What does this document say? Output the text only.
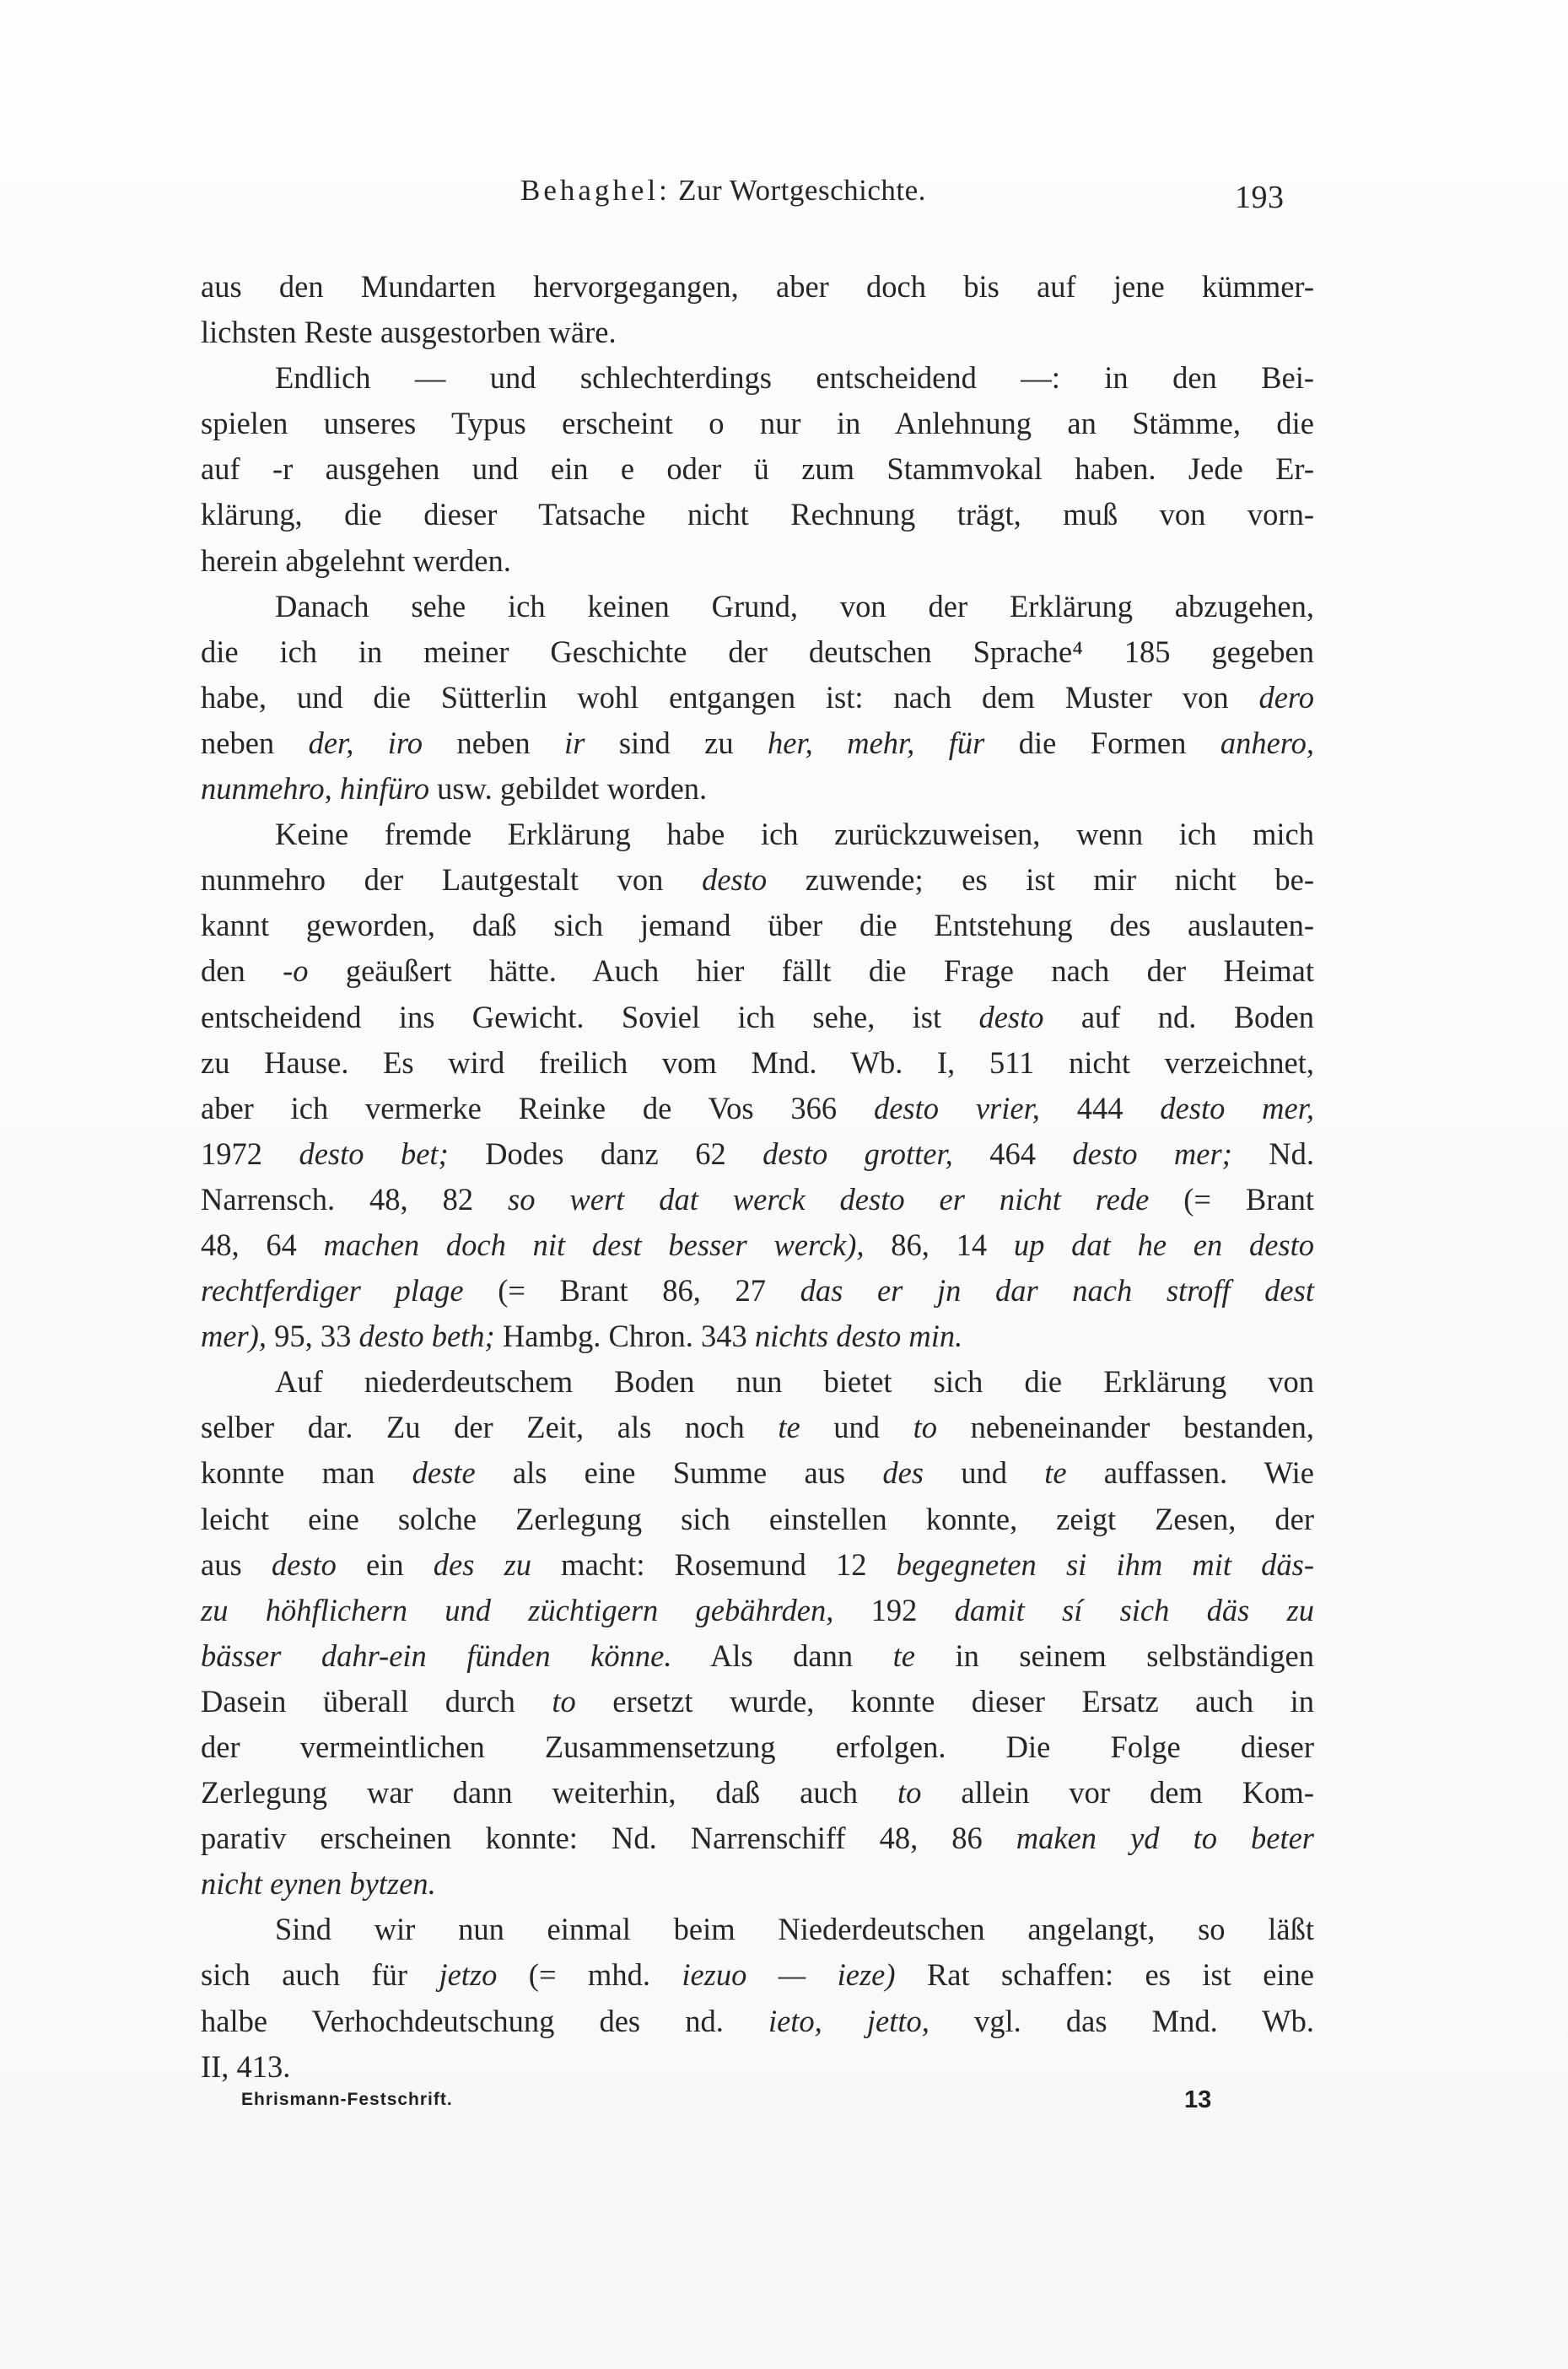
Behaghel: Zur Wortgeschichte.	193
aus den Mundarten hervorgegangen, aber doch bis auf jene kümmer-
lichsten Reste ausgestorben wäre.
Endlich — und schlechterdings entscheidend —: in den Bei-
spielen unseres Typus erscheint o nur in Anlehnung an Stämme, die
auf -r ausgehen und ein e oder ü zum Stammvokal haben. Jede Er-
klärung, die dieser Tatsache nicht Rechnung trägt, muß von vorn-
herein abgelehnt werden.
Danach sehe ich keinen Grund, von der Erklärung abzugehen,
die ich in meiner Geschichte der deutschen Sprache⁴ 185 gegeben
habe, und die Sütterlin wohl entgangen ist: nach dem Muster von dero
neben der, iro neben ir sind zu her, mehr, für die Formen anhero,
nunmehro, hinfüro usw. gebildet worden.
Keine fremde Erklärung habe ich zurückzuweisen, wenn ich mich
nunmehro der Lautgestalt von desto zuwende; es ist mir nicht be-
kannt geworden, daß sich jemand über die Entstehung des auslauten-
den -o geäußert hätte. Auch hier fällt die Frage nach der Heimat
entscheidend ins Gewicht. Soviel ich sehe, ist desto auf nd. Boden
zu Hause. Es wird freilich vom Mnd. Wb. I, 511 nicht verzeichnet,
aber ich vermerke Reinke de Vos 366 desto vrier, 444 desto mer,
1972 desto bet; Dodes danz 62 desto grotter, 464 desto mer; Nd.
Narrensch. 48, 82 so wert dat werck desto er nicht rede (= Brant
48, 64 machen doch nit dest besser werck), 86, 14 up dat he en desto
rechtferdiger plage (= Brant 86, 27 das er jn dar nach stroff dest
mer), 95, 33 desto beth; Hambg. Chron. 343 nichts desto min.
Auf niederdeutschem Boden nun bietet sich die Erklärung von
selber dar. Zu der Zeit, als noch te und to nebeneinander bestanden,
konnte man deste als eine Summe aus des und te auffassen. Wie
leicht eine solche Zerlegung sich einstellen konnte, zeigt Zesen, der
aus desto ein des zu macht: Rosemund 12 begegneten si ihm mit däs-
zu höhflichern und züchtigern gebährden, 192 damit sí sich däs zu
bässer dahr-ein fünden könne. Als dann te in seinem selbständigen
Dasein überall durch to ersetzt wurde, konnte dieser Ersatz auch in
der vermeintlichen Zusammensetzung erfolgen. Die Folge dieser
Zerlegung war dann weiterhin, daß auch to allein vor dem Kom-
parativ erscheinen konnte: Nd. Narrenschiff 48, 86 maken yd to beter
nicht eynen bytzen.
Sind wir nun einmal beim Niederdeutschen angelangt, so läßt
sich auch für jetzo (= mhd. iezuo — ieze) Rat schaffen: es ist eine
halbe Verhochdeutschung des nd. ieto, jetto, vgl. das Mnd. Wb.
II, 413.
Ehrismann-Festschrift.	13
